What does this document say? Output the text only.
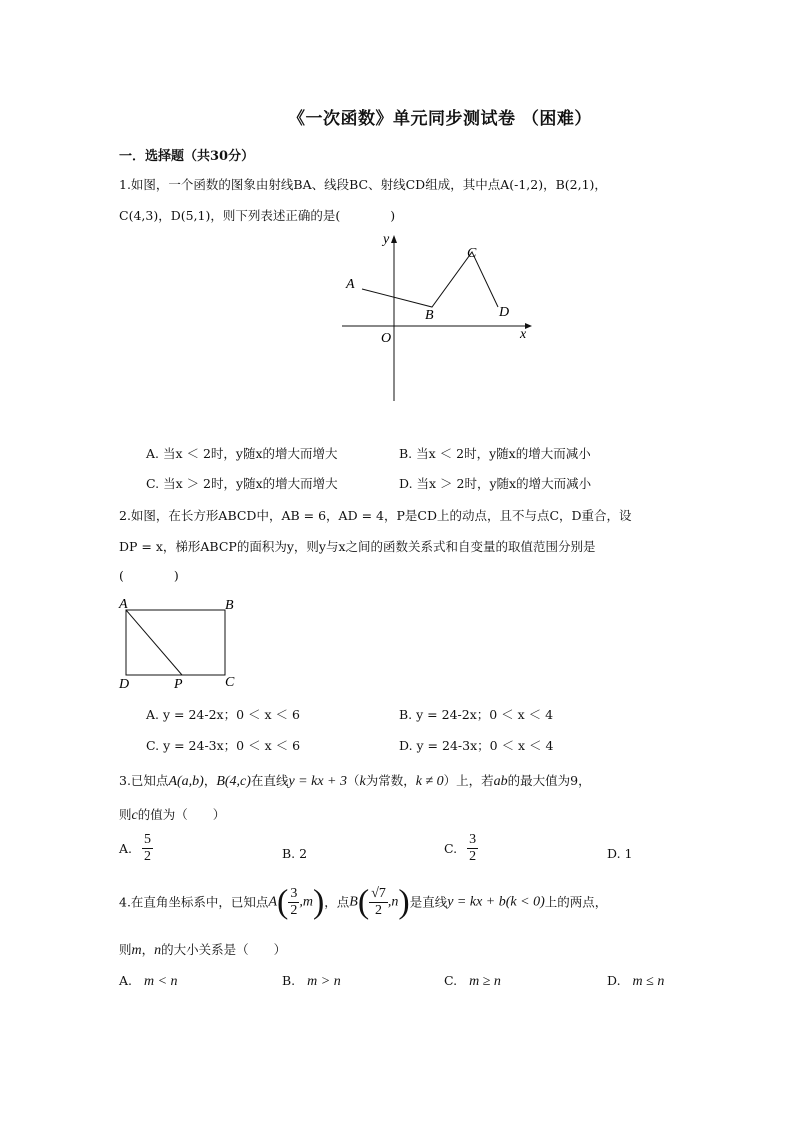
《一次函数》单元同步测试卷 （困难）
一．选择题（共30分）
1.如图，一个函数的图象由射线BA、线段BC、射线CD组成，其中点A(-1,2)，B(2,1)，
C(4,3)，D(5,1)，则下列表述正确的是(　　　　)
y
x
O
A
B
C
D
A. 当x ＜ 2时，y随x的增大而增大	B. 当x ＜ 2时，y随x的增大而减小
C. 当x ＞ 2时，y随x的增大而增大	D. 当x ＞ 2时，y随x的增大而减小
2.如图，在长方形ABCD中，AB = 6，AD = 4，P是CD上的动点，且不与点C，D重合，设
DP = x，梯形ABCP的面积为y，则y与x之间的函数关系式和自变量的取值范围分别是
(　　　　)
A	B
C
D	P
A. y = 24-2x；0 ＜ x ＜ 6	B. y = 24-2x；0 ＜ x ＜ 4
C. y = 24-3x；0 ＜ x ＜ 6	D. y = 24-3x；0 ＜ x ＜ 4
3.已知点A(a,b)，B(4,c)在直线y = kx + 3（k为常数，k ≠ 0）上，若ab的最大值为9，
则c的值为（　　）
A. $\frac{5}{2}$	B. 2	C. $\frac{3}{2}$	D. 1
4.在直角坐标系中，已知点$A( \frac{3}{2} ,m)$，点$B( \frac{√7}{2} ,n)$是直线y = kx + b(k < 0)上的两点，
则m，n的大小关系是（　　）
A. m < n	B. m > n	C. m ≥ n	D. m ≤ n
